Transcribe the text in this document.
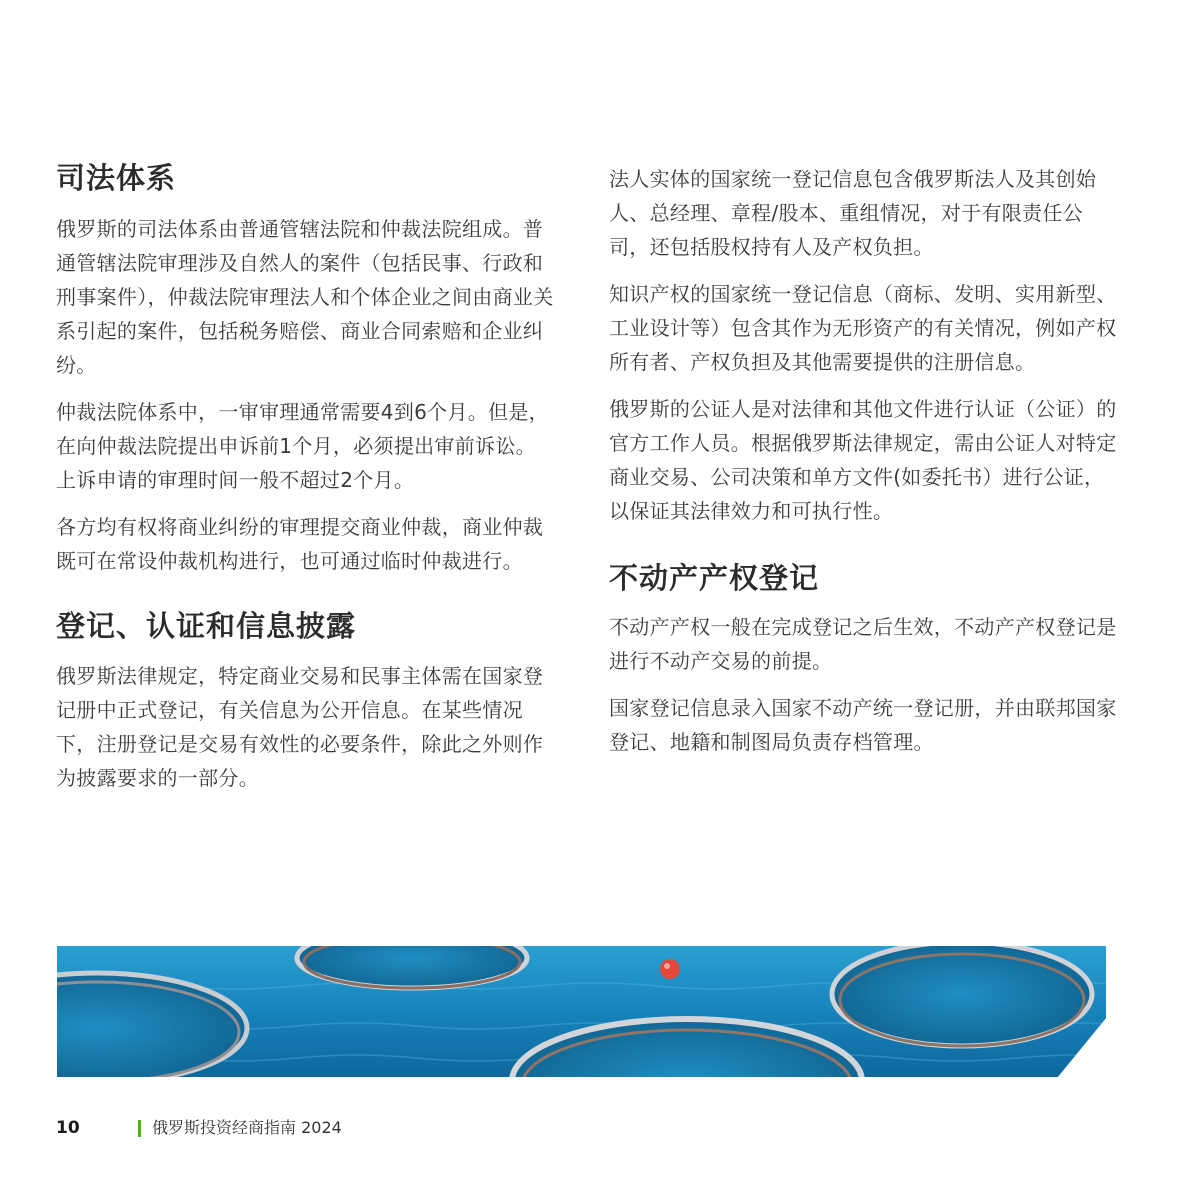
司法体系

俄罗斯的司法体系由普通管辖法院和仲裁法院组成。普通管辖法院审理涉及自然人的案件（包括民事、行政和刑事案件），仲裁法院审理法人和个体企业之间由商业关系引起的案件，包括税务赔偿、商业合同索赔和企业纠纷。

仲裁法院体系中，一审审理通常需要4到6个月。但是，在向仲裁法院提出申诉前1个月，必须提出审前诉讼。上诉申请的审理时间一般不超过2个月。

各方均有权将商业纠纷的审理提交商业仲裁，商业仲裁既可在常设仲裁机构进行，也可通过临时仲裁进行。

登记、认证和信息披露

俄罗斯法律规定，特定商业交易和民事主体需在国家登记册中正式登记，有关信息为公开信息。在某些情况下，注册登记是交易有效性的必要条件，除此之外则作为披露要求的一部分。

法人实体的国家统一登记信息包含俄罗斯法人及其创始人、总经理、章程/股本、重组情况，对于有限责任公司，还包括股权持有人及产权负担。

知识产权的国家统一登记信息（商标、发明、实用新型、工业设计等）包含其作为无形资产的有关情况，例如产权所有者、产权负担及其他需要提供的注册信息。

俄罗斯的公证人是对法律和其他文件进行认证（公证）的官方工作人员。根据俄罗斯法律规定，需由公证人对特定商业交易、公司决策和单方文件(如委托书）进行公证，以保证其法律效力和可执行性。

不动产产权登记

不动产产权一般在完成登记之后生效，不动产产权登记是进行不动产交易的前提。

国家登记信息录入国家不动产统一登记册，并由联邦国家登记、地籍和制图局负责存档管理。

10	俄罗斯投资经商指南 2024
